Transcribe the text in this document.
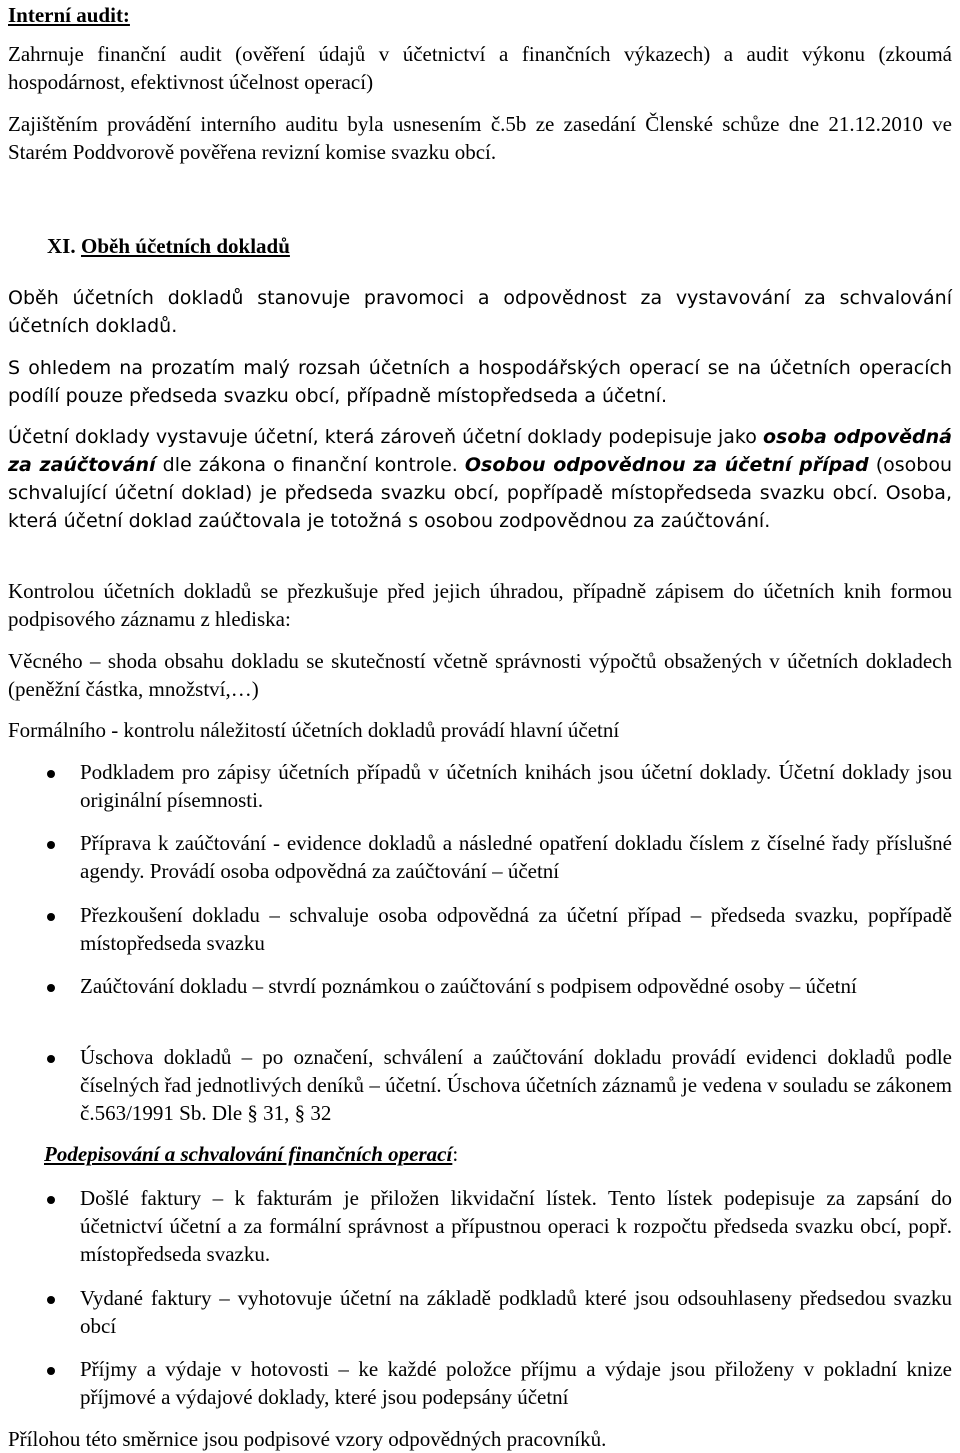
Interní audit:

Zahrnuje finanční audit (ověření údajů v účetnictví a finančních výkazech) a audit výkonu (zkoumá hospodárnost, efektivnost účelnost operací)

Zajištěním provádění interního auditu byla usnesením č.5b ze zasedání Členské schůze dne 21.12.2010 ve Starém Poddvorově pověřena revizní komise svazku obcí.

XI. Oběh účetních dokladů

Oběh účetních dokladů stanovuje pravomoci a odpovědnost za vystavování za schvalování účetních dokladů.

S ohledem na prozatím malý rozsah účetních a hospodářských operací se na účetních operacích podílí pouze předseda svazku obcí, případně místopředseda a účetní.

Účetní doklady vystavuje účetní, která zároveň účetní doklady podepisuje jako osoba odpovědná za zaúčtování dle zákona o finanční kontrole. Osobou odpovědnou za účetní případ (osobou schvalující účetní doklad) je předseda svazku obcí, popřípadě místopředseda svazku obcí. Osoba, která účetní doklad zaúčtovala je totožná s osobou zodpovědnou za zaúčtování.

Kontrolou účetních dokladů se přezkušuje před jejich úhradou, případně zápisem do účetních knih formou podpisového záznamu z hlediska:

Věcného – shoda obsahu dokladu se skutečností včetně správnosti výpočtů obsažených v účetních dokladech (peněžní částka, množství,…)

Formálního - kontrolu náležitostí účetních dokladů provádí hlavní účetní

Podkladem pro zápisy účetních případů v účetních knihách jsou účetní doklady. Účetní doklady jsou originální písemnosti.

Příprava k zaúčtování - evidence dokladů a následné opatření dokladu číslem z číselné řady příslušné agendy. Provádí osoba odpovědná za zaúčtování – účetní

Přezkoušení dokladu – schvaluje osoba odpovědná za účetní případ – předseda svazku, popřípadě místopředseda svazku

Zaúčtování dokladu – stvrdí poznámkou o zaúčtování s podpisem odpovědné osoby – účetní

Úschova dokladů – po označení, schválení a zaúčtování dokladu provádí evidenci dokladů podle číselných řad jednotlivých deníků – účetní. Úschova účetních záznamů je vedena v souladu se zákonem č.563/1991 Sb. Dle § 31, § 32

Podepisování a schvalování finančních operací:

Došlé faktury – k fakturám je přiložen likvidační lístek. Tento lístek podepisuje za zapsání do účetnictví účetní a za formální správnost a přípustnou operaci k rozpočtu předseda svazku obcí, popř. místopředseda svazku.

Vydané faktury – vyhotovuje účetní na základě podkladů které jsou odsouhlaseny předsedou svazku obcí

Příjmy a výdaje v hotovosti – ke každé položce příjmu a výdaje jsou přiloženy v pokladní knize příjmové a výdajové doklady, které jsou podepsány účetní

Přílohou této směrnice jsou podpisové vzory odpovědných pracovníků.
